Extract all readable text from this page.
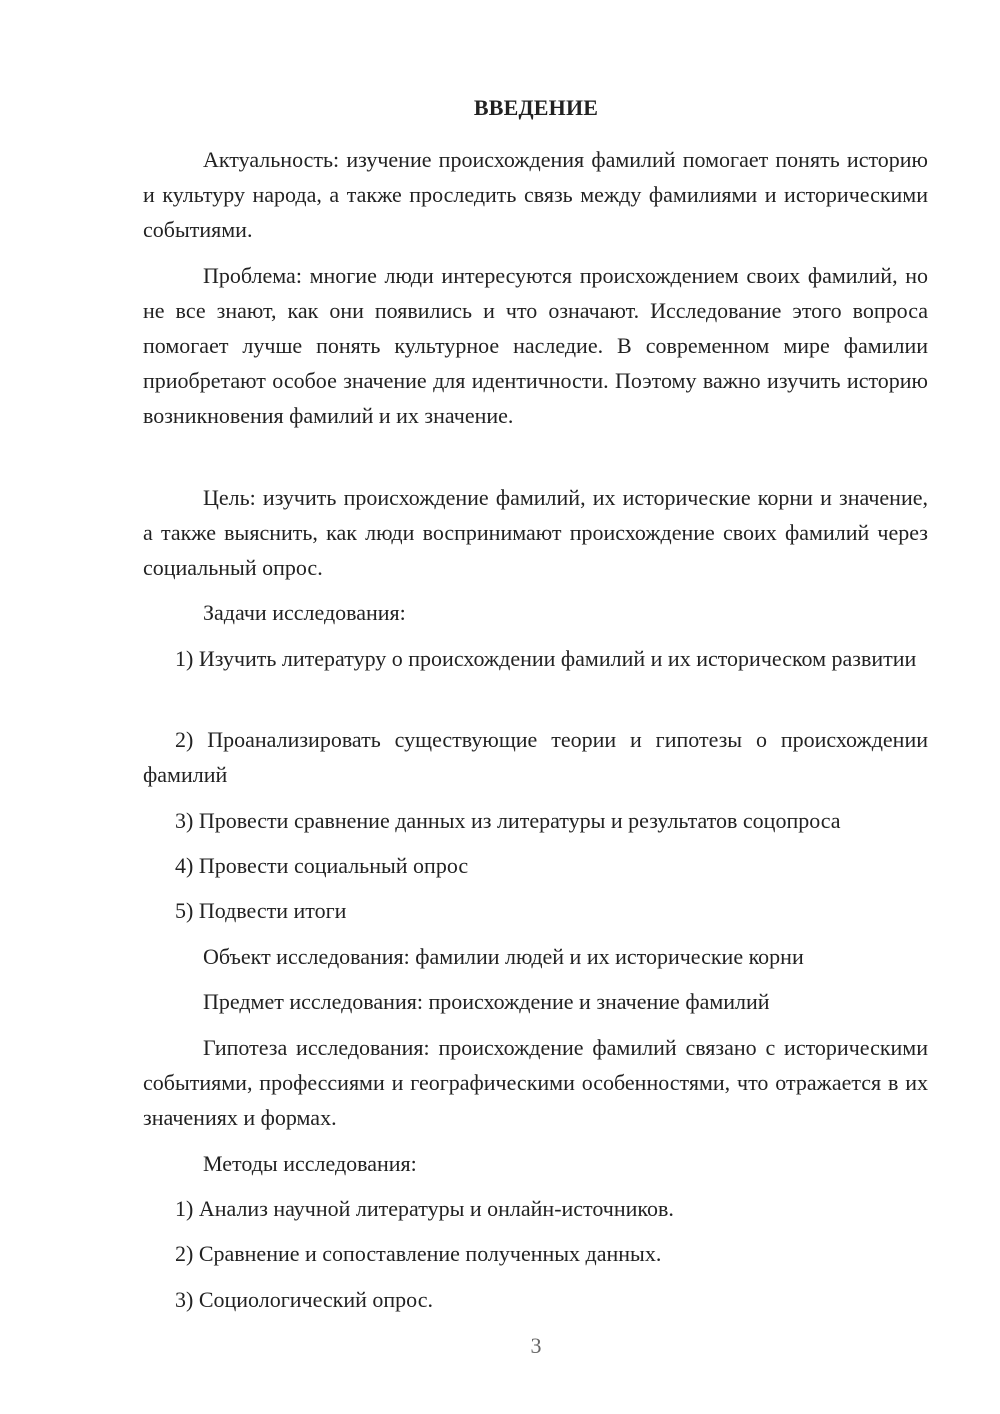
ВВЕДЕНИЕ

Актуальность: изучение происхождения фамилий помогает понять историю и культуру народа, а также проследить связь между фамилиями и историческими событиями.

Проблема: многие люди интересуются происхождением своих фамилий, но не все знают, как они появились и что означают. Исследование этого вопроса помогает лучше понять культурное наследие. В современном мире фамилии приобретают особое значение для идентичности. Поэтому важно изучить историю возникновения фамилий и их значение.

Цель: изучить происхождение фамилий, их исторические корни и значение, а также выяснить, как люди воспринимают происхождение своих фамилий через социальный опрос.

Задачи исследования:

1) Изучить литературу о происхождении фамилий и их историческом развитии

2) Проанализировать существующие теории и гипотезы о происхождении фамилий

3) Провести сравнение данных из литературы и результатов соцопроса

4) Провести социальный опрос

5) Подвести итоги

Объект исследования: фамилии людей и их исторические корни

Предмет исследования: происхождение и значение фамилий

Гипотеза исследования: происхождение фамилий связано с историческими событиями, профессиями и географическими особенностями, что отражается в их значениях и формах.

Методы исследования:

1) Анализ научной литературы и онлайн-источников.

2) Сравнение и сопоставление полученных данных.

3) Социологический опрос.

3
